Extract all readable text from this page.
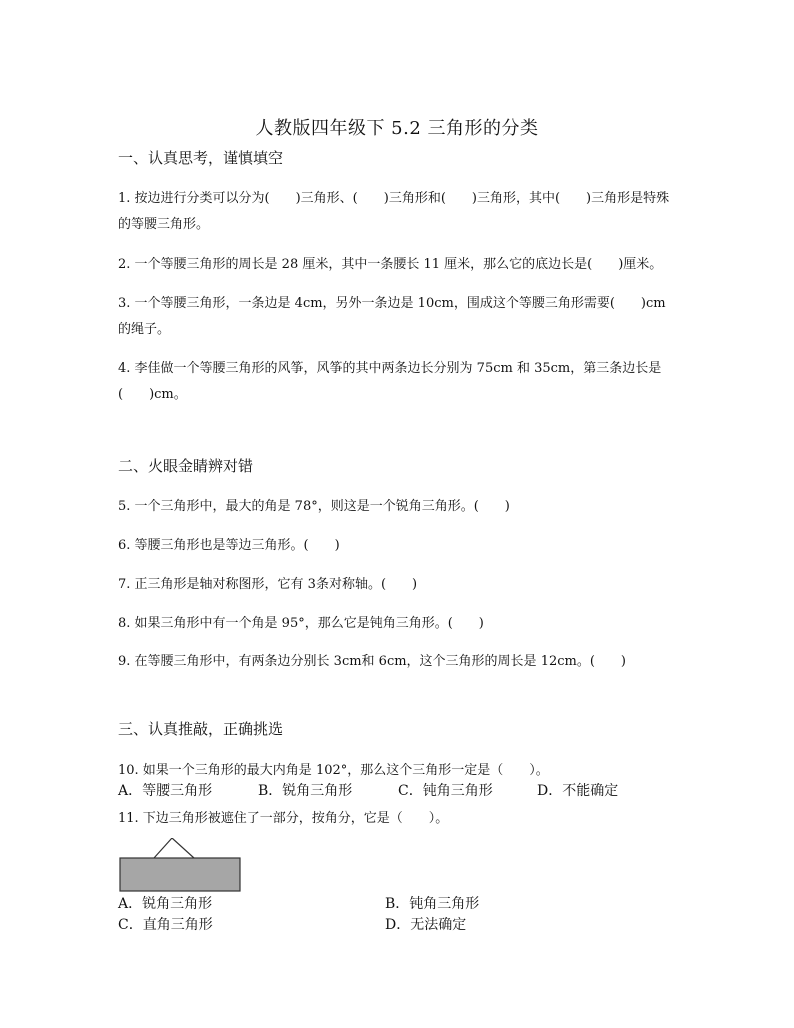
人教版四年级下 5.2 三角形的分类
一、认真思考，谨慎填空
1. 按边进行分类可以分为(　　)三角形、(　　)三角形和(　　)三角形，其中(　　)三角形是特殊的等腰三角形。
2. 一个等腰三角形的周长是 28 厘米，其中一条腰长 11 厘米，那么它的底边长是(　　)厘米。
3. 一个等腰三角形，一条边是 4cm，另外一条边是 10cm，围成这个等腰三角形需要(　　)cm 的绳子。
4. 李佳做一个等腰三角形的风筝，风筝的其中两条边长分别为 75cm 和 35cm，第三条边长是(　　)cm。
二、火眼金睛辨对错
5. 一个三角形中，最大的角是 78°，则这是一个锐角三角形。(　　)
6. 等腰三角形也是等边三角形。(　　)
7. 正三角形是轴对称图形，它有 3条对称轴。(　　)
8. 如果三角形中有一个角是 95°，那么它是钝角三角形。(　　)
9. 在等腰三角形中，有两条边分别长 3cm和 6cm，这个三角形的周长是 12cm。(　　)
三、认真推敲，正确挑选
10. 如果一个三角形的最大内角是 102°，那么这个三角形一定是（　　）。
A．等腰三角形	B．锐角三角形	C．钝角三角形	D．不能确定
11. 下边三角形被遮住了一部分，按角分，它是（　　）。
A．锐角三角形	B．钝角三角形
C．直角三角形	D．无法确定
